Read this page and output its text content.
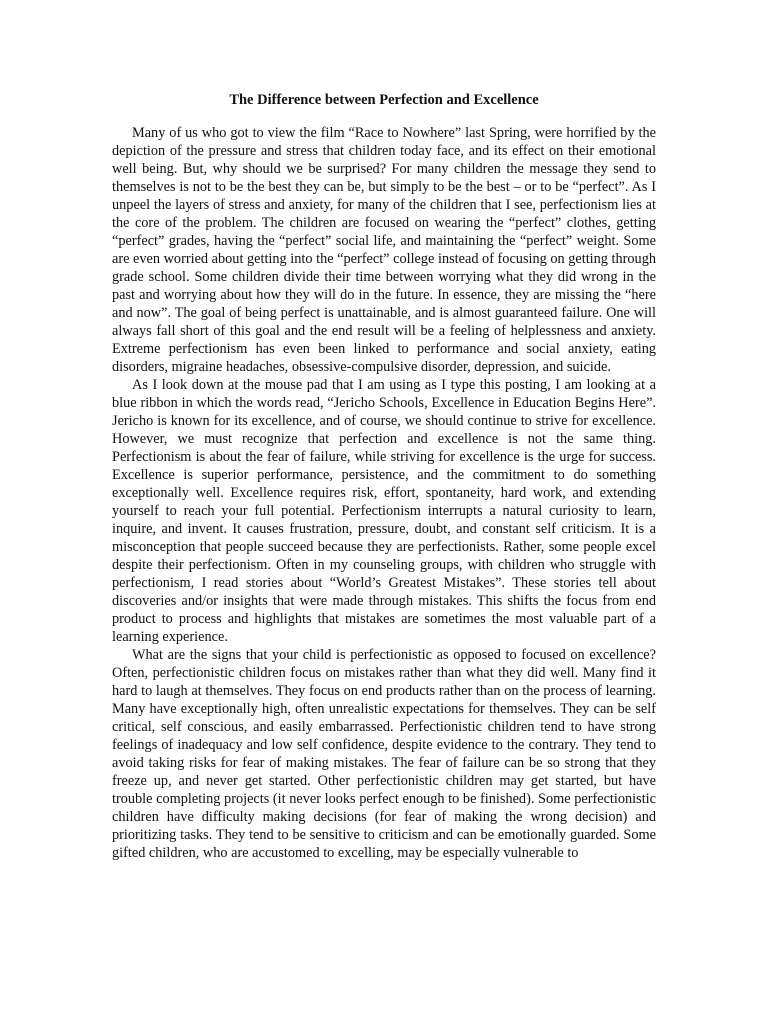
The Difference between Perfection and Excellence

Many of us who got to view the film “Race to Nowhere” last Spring, were horrified by the depiction of the pressure and stress that children today face, and its effect on their emotional well being. But, why should we be surprised? For many children the message they send to themselves is not to be the best they can be, but simply to be the best – or to be “perfect”. As I unpeel the layers of stress and anxiety, for many of the children that I see, perfectionism lies at the core of the problem. The children are focused on wearing the “perfect” clothes, getting “perfect” grades, having the “perfect” social life, and maintaining the “perfect” weight. Some are even worried about getting into the “perfect” college instead of focusing on getting through grade school. Some children divide their time between worrying what they did wrong in the past and worrying about how they will do in the future. In essence, they are missing the “here and now”. The goal of being perfect is unattainable, and is almost guaranteed failure. One will always fall short of this goal and the end result will be a feeling of helplessness and anxiety. Extreme perfectionism has even been linked to performance and social anxiety, eating disorders, migraine headaches, obsessive-compulsive disorder, depression, and suicide.

As I look down at the mouse pad that I am using as I type this posting, I am looking at a blue ribbon in which the words read, “Jericho Schools, Excellence in Education Begins Here”. Jericho is known for its excellence, and of course, we should continue to strive for excellence. However, we must recognize that perfection and excellence is not the same thing. Perfectionism is about the fear of failure, while striving for excellence is the urge for success. Excellence is superior performance, persistence, and the commitment to do something exceptionally well. Excellence requires risk, effort, spontaneity, hard work, and extending yourself to reach your full potential. Perfectionism interrupts a natural curiosity to learn, inquire, and invent. It causes frustration, pressure, doubt, and constant self criticism. It is a misconception that people succeed because they are perfectionists. Rather, some people excel despite their perfectionism. Often in my counseling groups, with children who struggle with perfectionism, I read stories about “World’s Greatest Mistakes”. These stories tell about discoveries and/or insights that were made through mistakes. This shifts the focus from end product to process and highlights that mistakes are sometimes the most valuable part of a learning experience.

What are the signs that your child is perfectionistic as opposed to focused on excellence? Often, perfectionistic children focus on mistakes rather than what they did well. Many find it hard to laugh at themselves. They focus on end products rather than on the process of learning. Many have exceptionally high, often unrealistic expectations for themselves. They can be self critical, self conscious, and easily embarrassed. Perfectionistic children tend to have strong feelings of inadequacy and low self confidence, despite evidence to the contrary. They tend to avoid taking risks for fear of making mistakes. The fear of failure can be so strong that they freeze up, and never get started. Other perfectionistic children may get started, but have trouble completing projects (it never looks perfect enough to be finished). Some perfectionistic children have difficulty making decisions (for fear of making the wrong decision) and prioritizing tasks. They tend to be sensitive to criticism and can be emotionally guarded. Some gifted children, who are accustomed to excelling, may be especially vulnerable to
